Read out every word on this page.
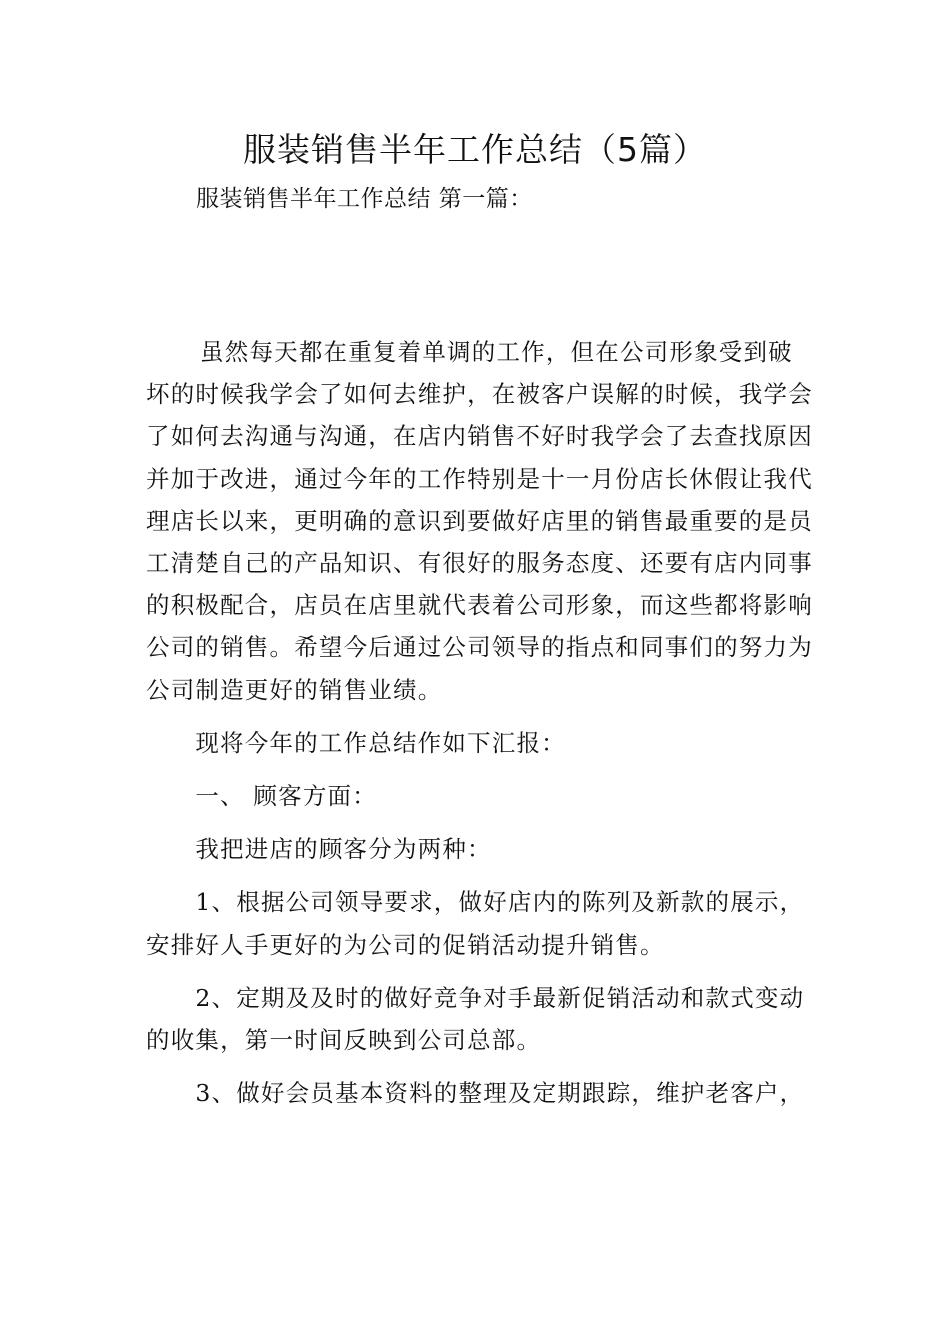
服装销售半年工作总结（5篇）

服装销售半年工作总结 第一篇：

虽然每天都在重复着单调的工作，但在公司形象受到破坏的时候我学会了如何去维护，在被客户误解的时候，我学会了如何去沟通与沟通，在店内销售不好时我学会了去查找原因并加于改进，通过今年的工作特别是十一月份店长休假让我代理店长以来，更明确的意识到要做好店里的销售最重要的是员工清楚自己的产品知识、有很好的服务态度、还要有店内同事的积极配合，店员在店里就代表着公司形象，而这些都将影响公司的销售。希望今后通过公司领导的指点和同事们的努力为公司制造更好的销售业绩。

现将今年的工作总结作如下汇报：

一、 顾客方面：

我把进店的顾客分为两种：

1、根据公司领导要求，做好店内的陈列及新款的展示，安排好人手更好的为公司的促销活动提升销售。

2、定期及及时的做好竞争对手最新促销活动和款式变动的收集，第一时间反映到公司总部。

3、做好会员基本资料的整理及定期跟踪，维护老客户，
